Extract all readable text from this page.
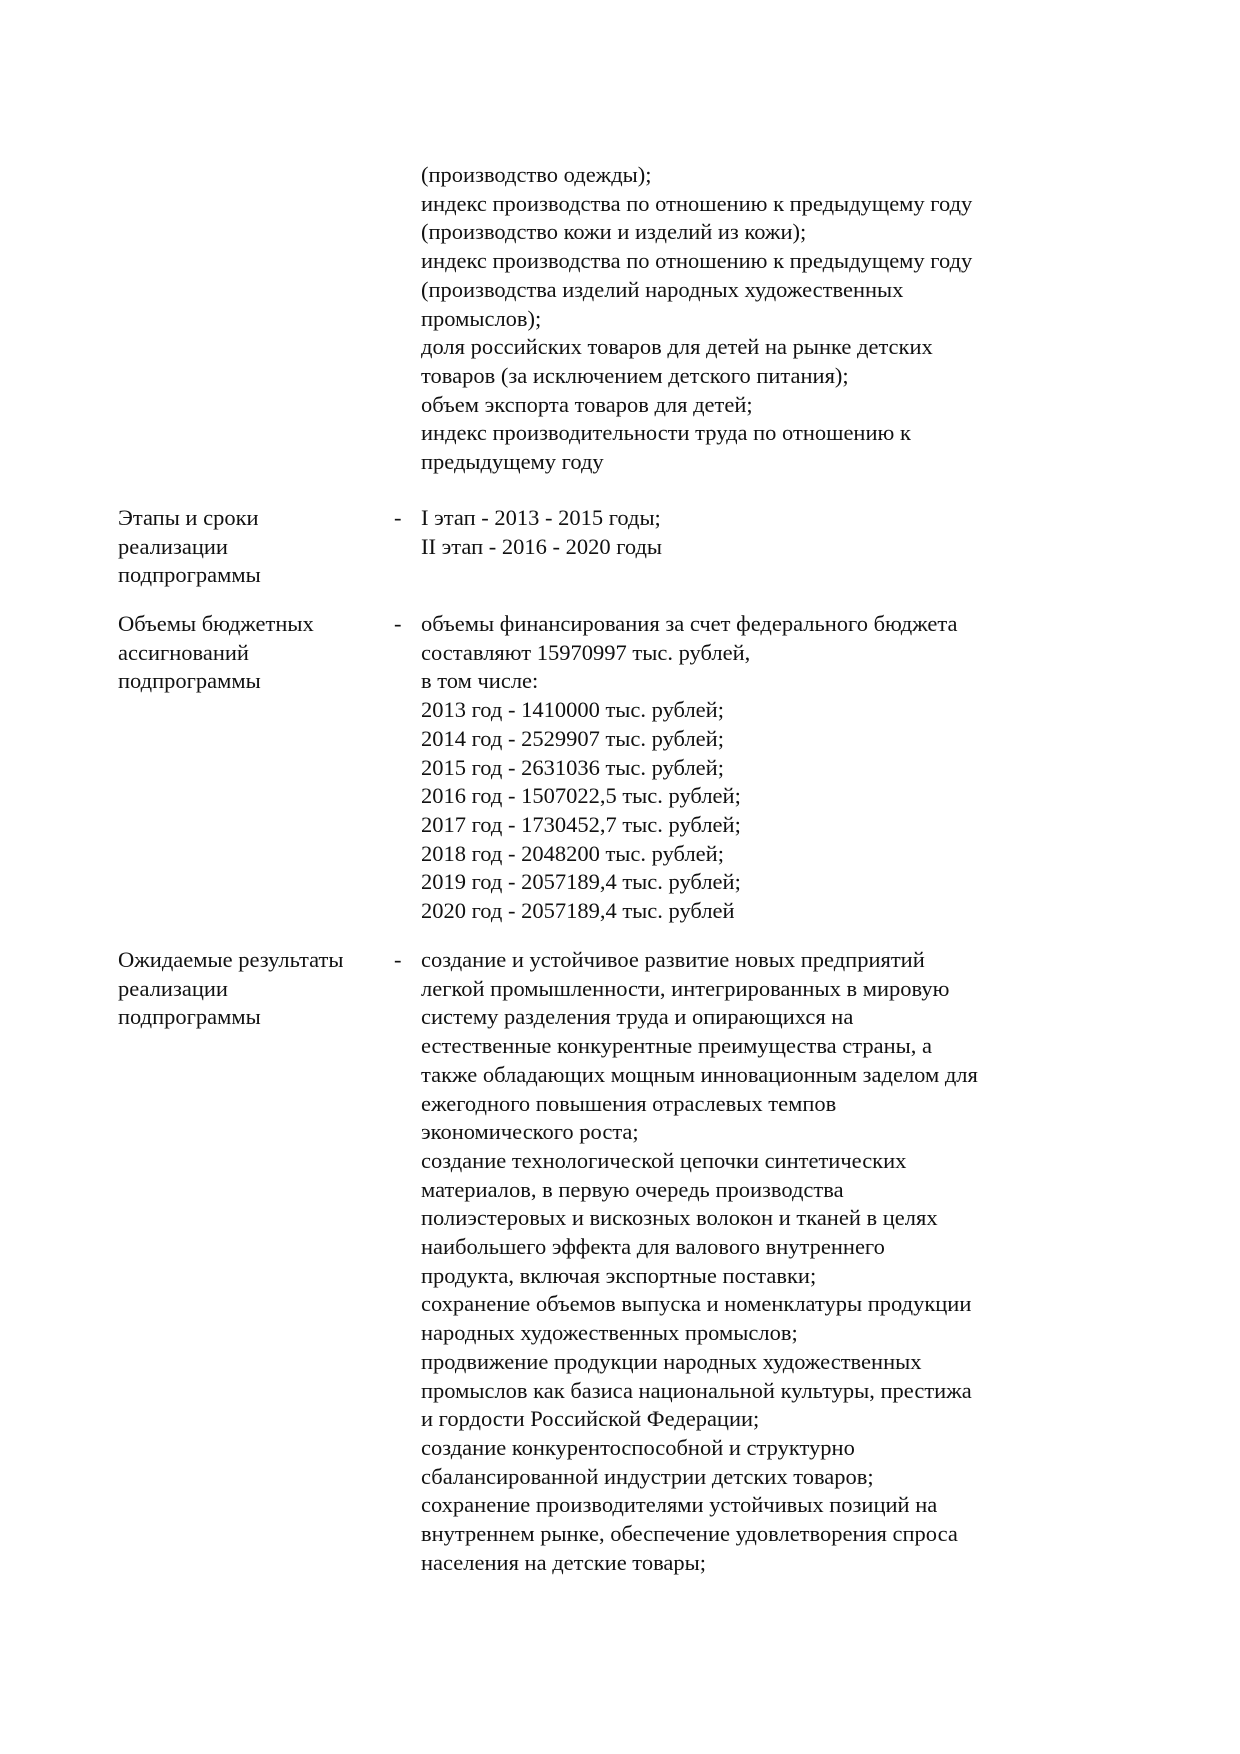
(производство одежды);
индекс производства по отношению к предыдущему году
(производство кожи и изделий из кожи);
индекс производства по отношению к предыдущему году
(производства изделий народных художественных
промыслов);
доля российских товаров для детей на рынке детских
товаров (за исключением детского питания);
объем экспорта товаров для детей;
индекс производительности труда по отношению к
предыдущему году
Этапы и сроки
реализации
подпрограммы
- I этап - 2013 - 2015 годы;
II этап - 2016 - 2020 годы
Объемы бюджетных
ассигнований
подпрограммы
- объемы финансирования за счет федерального бюджета
составляют 15970997 тыс. рублей,
в том числе:
2013 год - 1410000 тыс. рублей;
2014 год - 2529907 тыс. рублей;
2015 год - 2631036 тыс. рублей;
2016 год - 1507022,5 тыс. рублей;
2017 год - 1730452,7 тыс. рублей;
2018 год - 2048200 тыс. рублей;
2019 год - 2057189,4 тыс. рублей;
2020 год - 2057189,4 тыс. рублей
Ожидаемые результаты
реализации
подпрограммы
- создание и устойчивое развитие новых предприятий
легкой промышленности, интегрированных в мировую
систему разделения труда и опирающихся на
естественные конкурентные преимущества страны, а
также обладающих мощным инновационным заделом для
ежегодного повышения отраслевых темпов
экономического роста;
создание технологической цепочки синтетических
материалов, в первую очередь производства
полиэстеровых и вискозных волокон и тканей в целях
наибольшего эффекта для валового внутреннего
продукта, включая экспортные поставки;
сохранение объемов выпуска и номенклатуры продукции
народных художественных промыслов;
продвижение продукции народных художественных
промыслов как базиса национальной культуры, престижа
и гордости Российской Федерации;
создание конкурентоспособной и структурно
сбалансированной индустрии детских товаров;
сохранение производителями устойчивых позиций на
внутреннем рынке, обеспечение удовлетворения спроса
населения на детские товары;
